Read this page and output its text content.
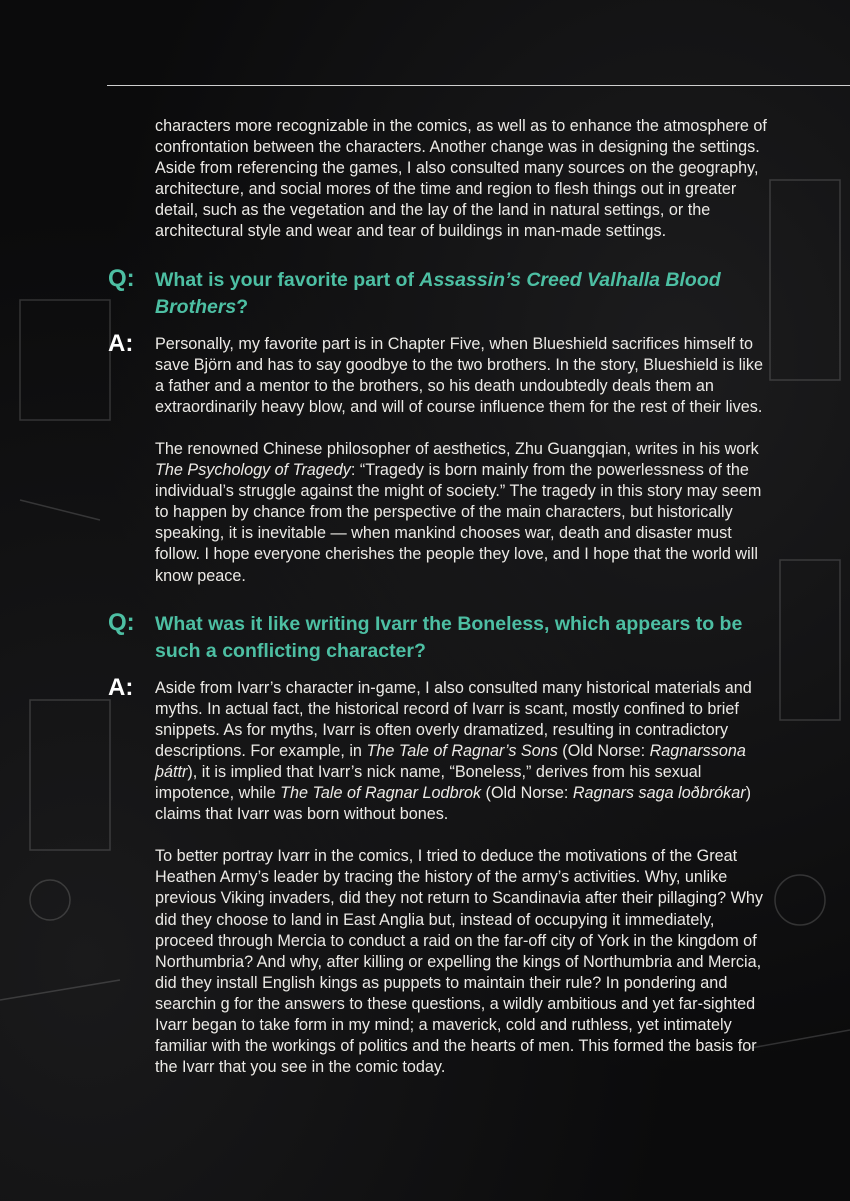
characters more recognizable in the comics, as well as to enhance the atmosphere of confrontation between the characters. Another change was in designing the settings. Aside from referencing the games, I also consulted many sources on the geography, architecture, and social mores of the time and region to flesh things out in greater detail, such as the vegetation and the lay of the land in natural settings, or the architectural style and wear and tear of buildings in man-made settings.

Q: What is your favorite part of Assassin’s Creed Valhalla Blood Brothers?
A: Personally, my favorite part is in Chapter Five, when Blueshield sacrifices himself to save Björn and has to say goodbye to the two brothers. In the story, Blueshield is like a father and a mentor to the brothers, so his death undoubtedly deals them an extraordinarily heavy blow, and will of course influence them for the rest of their lives.

The renowned Chinese philosopher of aesthetics, Zhu Guangqian, writes in his work The Psychology of Tragedy: “Tragedy is born mainly from the powerlessness of the individual’s struggle against the might of society.” The tragedy in this story may seem to happen by chance from the perspective of the main characters, but historically speaking, it is inevitable — when mankind chooses war, death and disaster must follow. I hope everyone cherishes the people they love, and I hope that the world will know peace.

Q: What was it like writing Ivarr the Boneless, which appears to be such a conflicting character?
A: Aside from Ivarr’s character in-game, I also consulted many historical materials and myths. In actual fact, the historical record of Ivarr is scant, mostly confined to brief snippets. As for myths, Ivarr is often overly dramatized, resulting in contradictory descriptions. For example, in The Tale of Ragnar’s Sons (Old Norse: Ragnarssona þáttr), it is implied that Ivarr’s nick name, “Boneless,” derives from his sexual impotence, while The Tale of Ragnar Lodbrok (Old Norse: Ragnars saga loðbrókar) claims that Ivarr was born without bones.

To better portray Ivarr in the comics, I tried to deduce the motivations of the Great Heathen Army’s leader by tracing the history of the army’s activities. Why, unlike previous Viking invaders, did they not return to Scandinavia after their pillaging? Why did they choose to land in East Anglia but, instead of occupying it immediately, proceed through Mercia to conduct a raid on the far-off city of York in the kingdom of Northumbria? And why, after killing or expelling the kings of Northumbria and Mercia, did they install English kings as puppets to maintain their rule? In pondering and searchin g for the answers to these questions, a wildly ambitious and yet far-sighted Ivarr began to take form in my mind; a maverick, cold and ruthless, yet intimately familiar with the workings of politics and the hearts of men. This formed the basis for the Ivarr that you see in the comic today.
